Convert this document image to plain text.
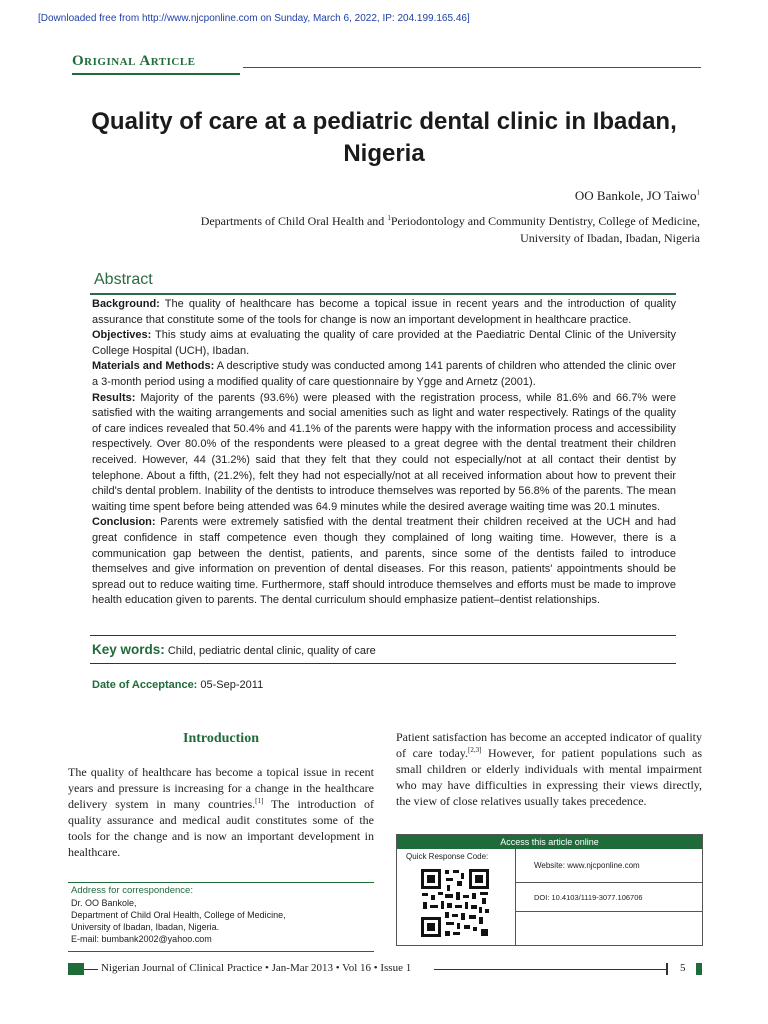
[Downloaded free from http://www.njcponline.com on Sunday, March 6, 2022, IP: 204.199.165.46]
Original Article
Quality of care at a pediatric dental clinic in Ibadan, Nigeria
OO Bankole, JO Taiwo$^1$
Departments of Child Oral Health and $^1$Periodontology and Community Dentistry, College of Medicine,
University of Ibadan, Ibadan, Nigeria
Abstract

Background: The quality of healthcare has become a topical issue in recent years and the introduction of quality assurance that constitute some of the tools for change is now an important development in healthcare practice.

Objectives: This study aims at evaluating the quality of care provided at the Paediatric Dental Clinic of the University College Hospital (UCH), Ibadan.

Materials and Methods: A descriptive study was conducted among 141 parents of children who attended the clinic over a 3-month period using a modified quality of care questionnaire by Ygge and Arnetz (2001).

Results: Majority of the parents (93.6%) were pleased with the registration process, while 81.6% and 66.7% were satisfied with the waiting arrangements and social amenities such as light and water respectively. Ratings of the quality of care indices revealed that 50.4% and 41.1% of the parents were happy with the information process and accessibility respectively. Over 80.0% of the respondents were pleased to a great degree with the dental treatment their children received. However, 44 (31.2%) said that they felt that they could not especially/not at all contact their dentist by telephone. About a fifth, (21.2%), felt they had not especially/not at all received information about how to prevent their child's dental problem. Inability of the dentists to introduce themselves was reported by 56.8% of the parents. The mean waiting time spent before being attended was 64.9 minutes while the desired average waiting time was 20.1 minutes.

Conclusion: Parents were extremely satisfied with the dental treatment their children received at the UCH and had great confidence in staff competence even though they complained of long waiting time. However, there is a communication gap between the dentist, patients, and parents, since some of the dentists failed to introduce themselves and give information on prevention of dental diseases. For this reason, patients' appointments should be spread out to reduce waiting time. Furthermore, staff should introduce themselves and efforts must be made to improve health education given to parents. The dental curriculum should emphasize patient–dentist relationships.

Key words: Child, pediatric dental clinic, quality of care
Date of Acceptance: 05-Sep-2011
Introduction
The quality of healthcare has become a topical issue in recent years and pressure is increasing for a change in the healthcare delivery system in many countries.[1] The introduction of quality assurance and medical audit constitutes some of the tools for the change and is now an important development in healthcare.
Patient satisfaction has become an accepted indicator of quality of care today.[2,3] However, for patient populations such as small children or elderly individuals with mental impairment who may have difficulties in expressing their views directly, the view of close relatives usually takes precedence.
Access this article online
Quick Response Code:
Website: www.njcponline.com
DOI: 10.4103/1119-3077.106706
Address for correspondence:
Dr. OO Bankole,
Department of Child Oral Health, College of Medicine,
University of Ibadan, Ibadan, Nigeria.
E-mail: bumbank2002@yahoo.com
Nigerian Journal of Clinical Practice • Jan-Mar 2013 • Vol 16 • Issue 1	5
